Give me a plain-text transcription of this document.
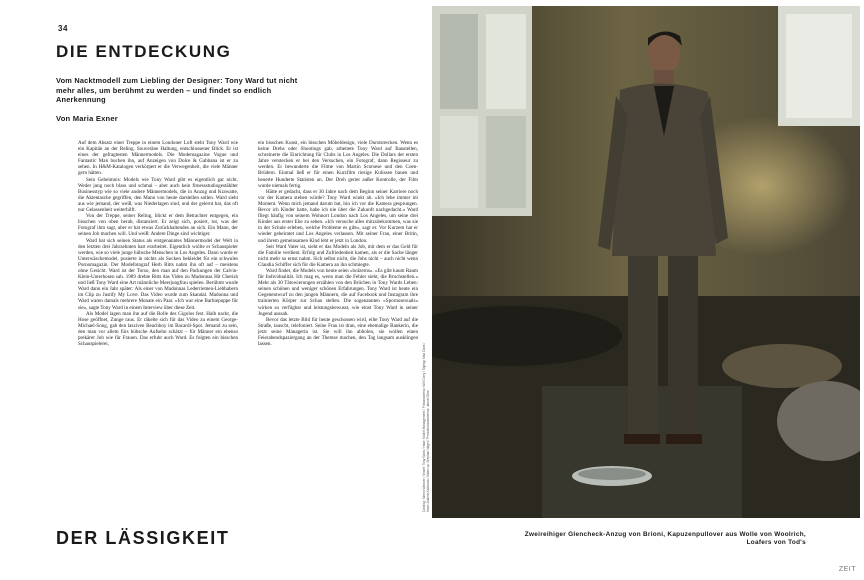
34
DIE ENTDECKUNG
Vom Nacktmodell zum Liebling der Designer: Tony Ward tut nicht mehr alles, um berühmt zu werden – und findet so endlich Anerkennung
Von Maria Exner

Auf dem Absatz einer Treppe in einem Londoner Loft steht Tony Ward wie ein Kapitän an der Reling. Souveräne Haltung, entschlossener Blick. Er ist eines der gefragtesten Männermodels. Die Modemagazine Vogue und Fantastic Man buchen ihn, auf Anzeigen von Dolce & Gabbana ist er zu sehen. In H&M-Katalogen verkörpert er die Verwegenheit, die viele Männer gern hätten.

Sein Geheimnis: Models wie Tony Ward gibt es eigentlich gar nicht. Weder jung noch blass und schmal – aber auch kein fitnessstudiogestählter Businesstyp wie so viele andere Männermodels, die in Anzug und Krawatte, die Aktentasche gegriffen, den Mann von heute darstellen sollen. Ward sieht aus wie jemand, der weiß, was Niederlagen sind, und der gelernt hat, das oft nur Gelassenheit weiterhilft.

Von der Treppe, seiner Reling, blickt er dem Betrachter entgegen, ein bisschen von oben herab, distanziert. Er zeigt sich, posiert, tut, was der Fotograf ihm sagt, aber er hat etwas Zurückhaltendes an sich. Ein Mann, der seinen Job machen will. Und weiß: Andere Dinge sind wichtiger.

Ward hat sich seinen Status als erstgenanntes Männermodel der Welt in den letzten drei Jahrzehnten hart erarbeitet. Eigentlich wollte er Schauspieler werden, wie so viele junge hübsche Menschen in Los Angeles. Dann wurde er Unterwäschemodel, posierte in nichts als Socken bekleidet für ein schwules Pornomagazin. Der Modefotograf Herb Ritts nahm ihn oft auf – meistens ohne Gesicht. Ward ist der Torso, den man auf den Packungen der Calvin-Klein-Unterhosen sah. 1989 drehte Ritts das Video zu Madonnas Hit Cherish und ließ Tony Ward eine Art männliche Meerjungfrau spielen. Berühmt wurde Ward dann ein Jahr später: Als einer von Madonnas Lederriemen-Liebhabern im Clip zu Justify My Love. Das Video wurde zum Skandal. Madonna und Ward waren damals mehrere Monate ein Paar. »Ich war eine Barbiepuppe für sie«, sagte Tony Ward in einem Interview über diese Zeit.

Als Model lagen man ihn auf die Rolle des Gigolos fest. Halb nackt, die Hose geöffnet, Zunge raus. Er räkelte sich für das Video zu einem George-Michael-Song, gab den lasziven Beachboy im Bacardi-Spot. Jemand zu sein, den man vor allem fürs hübsche Aufsehn schätzt – für Männer ein ebenso prekärer Job wie für Frauen. Das erfuhr auch Ward. Es folgten ein bisschen Schauspielerei,

ein bisschen Kunst, ein bisschen Möbeldesign, viele Durststrecken. Wenn es keine Drehs oder Shootings gab, arbeitete Tony Ward auf Baustellen, schreinerte die Einrichtung für Clubs in Los Angeles. Die Dollars der ersten Jahre verstecken er bei den Versuchen, ein Fotograf, dann Regisseur zu werden. Er bewunderte die Filme von Martin Scorsese und den Coen-Brüdern. Einmal ließ er für einen Kurzfilm riesige Kulissen bauen und heuerte Hunderte Statisten an. Der Dreh geriet außer Kontrolle, der Film wurde niemals fertig.

Hätte er gedacht, dass er 30 Jahre nach dem Beginn seiner Karriere noch vor der Kamera stehen würde? Tony Ward winkt ab. »Ich lebe immer im Moment. Wenn mich jemand darum bat, bin ich vor die Kamera gesprungen. Bevor ich Kinder hatte, habe ich nie über die Zukunft nachgedacht.« Ward fliegt häufig von seinem Wohnort London nach Los Angeles, um seine drei Kinder aus erster Ehe zu sehen. »Ich versuche alles mitzubekommen, was sie in der Schule erleben, welche Probleme es gibt«, sagt er. Vor Kurzem hat er wieder geheiratet und Los Angeles verlassen. Mit seiner Frau, einer Britin, und ihrem gemeinsamen Kind lebt er jetzt in London.

Seit Ward Vater ist, sieht er das Modeln als Job, mit dem er das Geld für die Familie verdient. Erfolg und Zufriedenheit kamen, als er die Sache länger nicht mehr so ernst nahm. Sich selbst nicht, die Jobs nicht – auch nicht wenn Claudia Schiffer sich für die Kamera an ihn schmiegte.

Ward findet, die Models von heute seien »bolzerns«. »Es gibt kaum Raum für Individualität. Ich mag es, wenn man die Fehler sieht, die Bruchstellen.« Mehr als 30 Tätowierungen erzählen von den Brüchen in Tony Wards Leben: seinen schönen und weniger schönen Erfahrungen. Tony Ward ist heute ein Gegenentwurf zu den jungen Männern, die auf Facebook und Instagram ihre trainierten Körper zur Schau stellen. Die sogenannten »Spornosexuals« wirken so verfügbar und leistungsbewusst, wie einst Tony Ward in seiner Jugend aussah.

Bevor das letzte Bild für heute geschossen wird, eilte Tony Ward auf die Straße, tauscht, telefoniert. Seine Frau ist dran, eine ehemalige Bankerin, die jetzt seine Managerin ist. Sie will ihn abholen, sie wollen einen Feierabendspaziergang an der Themse machen, den Tag langsam ausklingen lassen.

DER LÄSSIGKEIT
Casting: Simon Wanner / Model: Tony Ward / Haar: Model Management / Fotoassistenz: Will Corry / Styling: Max Clark / Haar: Andrea Kaliwoda / Make-up: Stephan Nagel / Produktionsassistenz: Jakob Ohm
Zweireihiger Glencheck-Anzug von Brioni, Kapuzenpullover aus Wolle von Woolrich, Loafers von Tod's
ZEIT
